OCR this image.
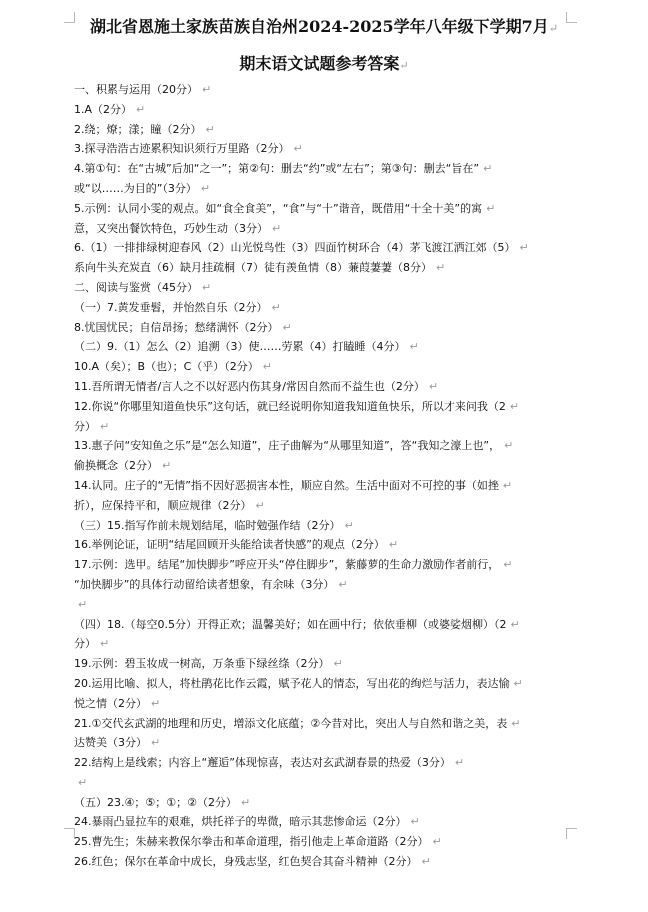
湖北省恩施土家族苗族自治州2024-2025学年八年级下学期7月↵
期末语文试题参考答案↵
一、积累与运用（20分） ↵
1.A（2分） ↵
2.绕；燎；漾；瞳（2分） ↵
3.探寻浩浩古迹累积知识须行万里路（2分） ↵
4.第①句：在“古城”后加“之一”；第②句：删去“约”或“左右”；第③句：删去“旨在” ↵
或“以……为目的”（3分） ↵
5.示例：认同小雯的观点。如“食全食美”，“食”与“十”谐音，既借用“十全十美”的寓 ↵
意，又突出餐饮特色，巧妙生动（3分） ↵
6.（1）一排排绿树迎春风（2）山光悦鸟性（3）四面竹树环合（4）茅飞渡江洒江郊（5） ↵
系向牛头充炭直（6）缺月挂疏桐（7）徒有羡鱼情（8）蒹葭萋萋（8分） ↵
二、阅读与鉴赏（45分） ↵
（一）7.黄发垂髫，并怡然自乐（2分） ↵
8.忧国忧民；自信昂扬；愁绪满怀（2分） ↵
（二）9.（1）怎么（2）追溯（3）使……劳累（4）打瞌睡（4分） ↵
10.A（矣）；B（也）；C（乎）（2分） ↵
11.吾所谓无情者/言人之不以好恶内伤其身/常因自然而不益生也（2分） ↵
12.你说“你哪里知道鱼快乐”这句话，就已经说明你知道我知道鱼快乐，所以才来问我（2 ↵
分） ↵
13.惠子问“安知鱼之乐”是“怎么知道”，庄子曲解为“从哪里知道”，答“我知之濠上也”， ↵
偷换概念（2分） ↵
14.认同。庄子的“无情”指不因好恶损害本性，顺应自然。生活中面对不可控的事（如挫 ↵
折），应保持平和，顺应规律（2分） ↵
（三）15.指写作前未规划结尾，临时勉强作结（2分） ↵
16.举例论证，证明“结尾回顾开头能给读者快感”的观点（2分） ↵
17.示例：选甲。结尾“加快脚步”呼应开头“停住脚步”，紫藤萝的生命力激励作者前行， ↵
“加快脚步”的具体行动留给读者想象，有余味（3分） ↵
↵
（四）18.（每空0.5分）开得正欢；温馨美好；如在画中行；依依垂柳（或婆娑烟柳）（2 ↵
分） ↵
19.示例：碧玉妆成一树高，万条垂下绿丝绦（2分） ↵
20.运用比喻、拟人，将杜鹃花比作云霞，赋予花人的情态，写出花的绚烂与活力，表达愉 ↵
悦之情（2分） ↵
21.①交代玄武湖的地理和历史，增添文化底蕴；②今昔对比，突出人与自然和谐之美，表 ↵
达赞美（3分） ↵
22.结构上是线索；内容上“邂逅”体现惊喜，表达对玄武湖春景的热爱（3分） ↵
↵
（五）23.④；⑤；①；②（2分） ↵
24.暴雨凸显拉车的艰难，烘托祥子的卑微，暗示其悲惨命运（2分） ↵
25.曹先生；朱赫来教保尔拳击和革命道理，指引他走上革命道路（2分） ↵
26.红色；保尔在革命中成长，身残志坚，红色契合其奋斗精神（2分） ↵
